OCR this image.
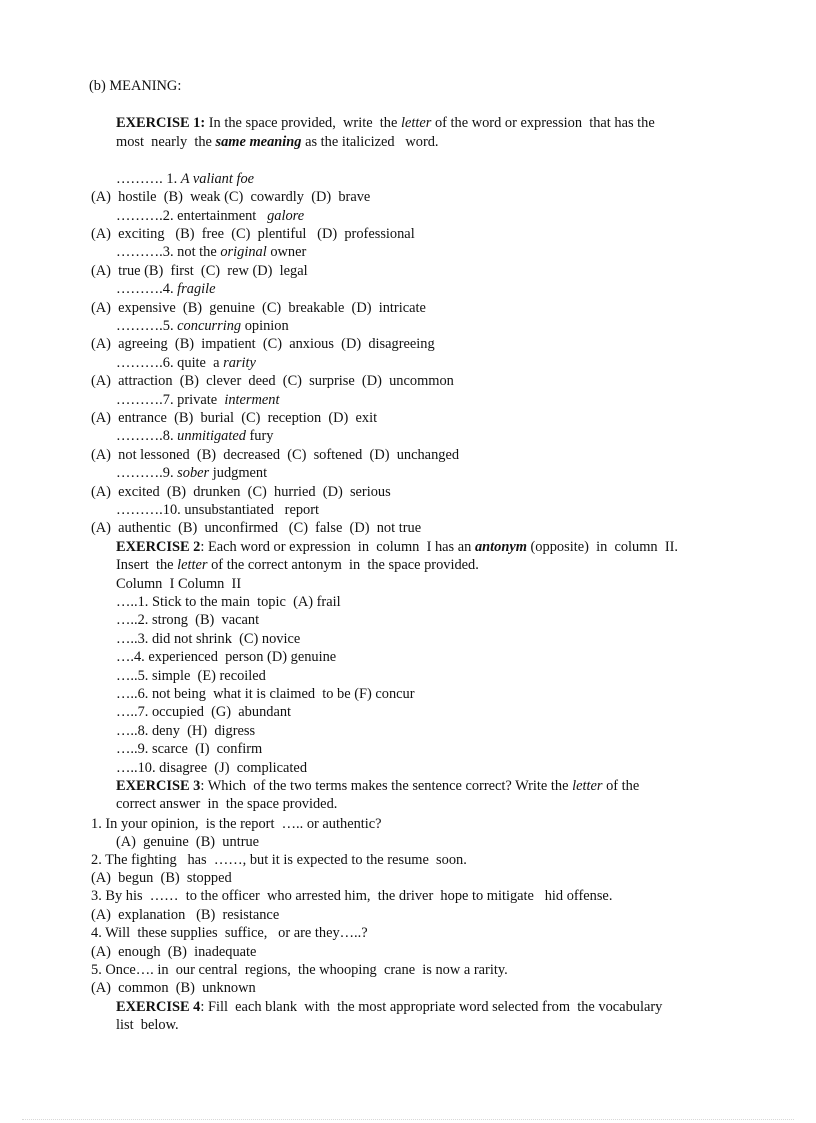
(b) MEANING:
EXERCISE 1: In the space provided,  write  the letter of the word or expression  that has the
most  nearly  the same meaning as the italicized   word.
………. 1. A valiant foe
(A)  hostile  (B)  weak (C)  cowardly  (D)  brave
……….2. entertainment   galore
(A)  exciting   (B)  free  (C)  plentiful   (D)  professional
……….3. not the original owner
(A)  true (B)  first  (C)  rew (D)  legal
……….4. fragile
(A)  expensive  (B)  genuine  (C)  breakable  (D)  intricate
……….5. concurring opinion
(A)  agreeing  (B)  impatient  (C)  anxious  (D)  disagreeing
……….6. quite  a rarity
(A)  attraction  (B)  clever  deed  (C)  surprise  (D)  uncommon
……….7. private  interment
(A)  entrance  (B)  burial  (C)  reception  (D)  exit
……….8. unmitigated fury
(A)  not lessoned  (B)  decreased  (C)  softened  (D)  unchanged
……….9. sober judgment
(A)  excited  (B)  drunken  (C)  hurried  (D)  serious
……….10. unsubstantiated   report
(A)  authentic  (B)  unconfirmed   (C)  false  (D)  not true
EXERCISE 2: Each word or expression  in  column  I has an antonym (opposite)  in  column  II.
Insert  the letter of the correct antonym  in  the space provided.
Column  I Column  II
…..1. Stick to the main  topic  (A) frail
…..2. strong  (B)  vacant
…..3. did not shrink  (C) novice
….4. experienced  person (D) genuine
…..5. simple  (E) recoiled
…..6. not being  what it is claimed  to be (F) concur
…..7. occupied  (G)  abundant
…..8. deny  (H)  digress
…..9. scarce  (I)  confirm
…..10. disagree  (J)  complicated
EXERCISE 3: Which  of the two terms makes the sentence correct? Write the letter of the
correct answer  in  the space provided.
1. In your opinion,  is the report  ….. or authentic?
(A)  genuine  (B)  untrue
2. The fighting   has  ……, but it is expected to the resume  soon.
(A)  begun  (B)  stopped
3. By his  ……  to the officer  who arrested him,  the driver  hope to mitigate   hid offense.
(A)  explanation   (B)  resistance
4. Will  these supplies  suffice,   or are they…..?
(A)  enough  (B)  inadequate
5. Once…. in  our central  regions,  the whooping  crane  is now a rarity.
(A)  common  (B)  unknown
EXERCISE 4: Fill  each blank  with  the most appropriate word selected from  the vocabulary
list  below.
